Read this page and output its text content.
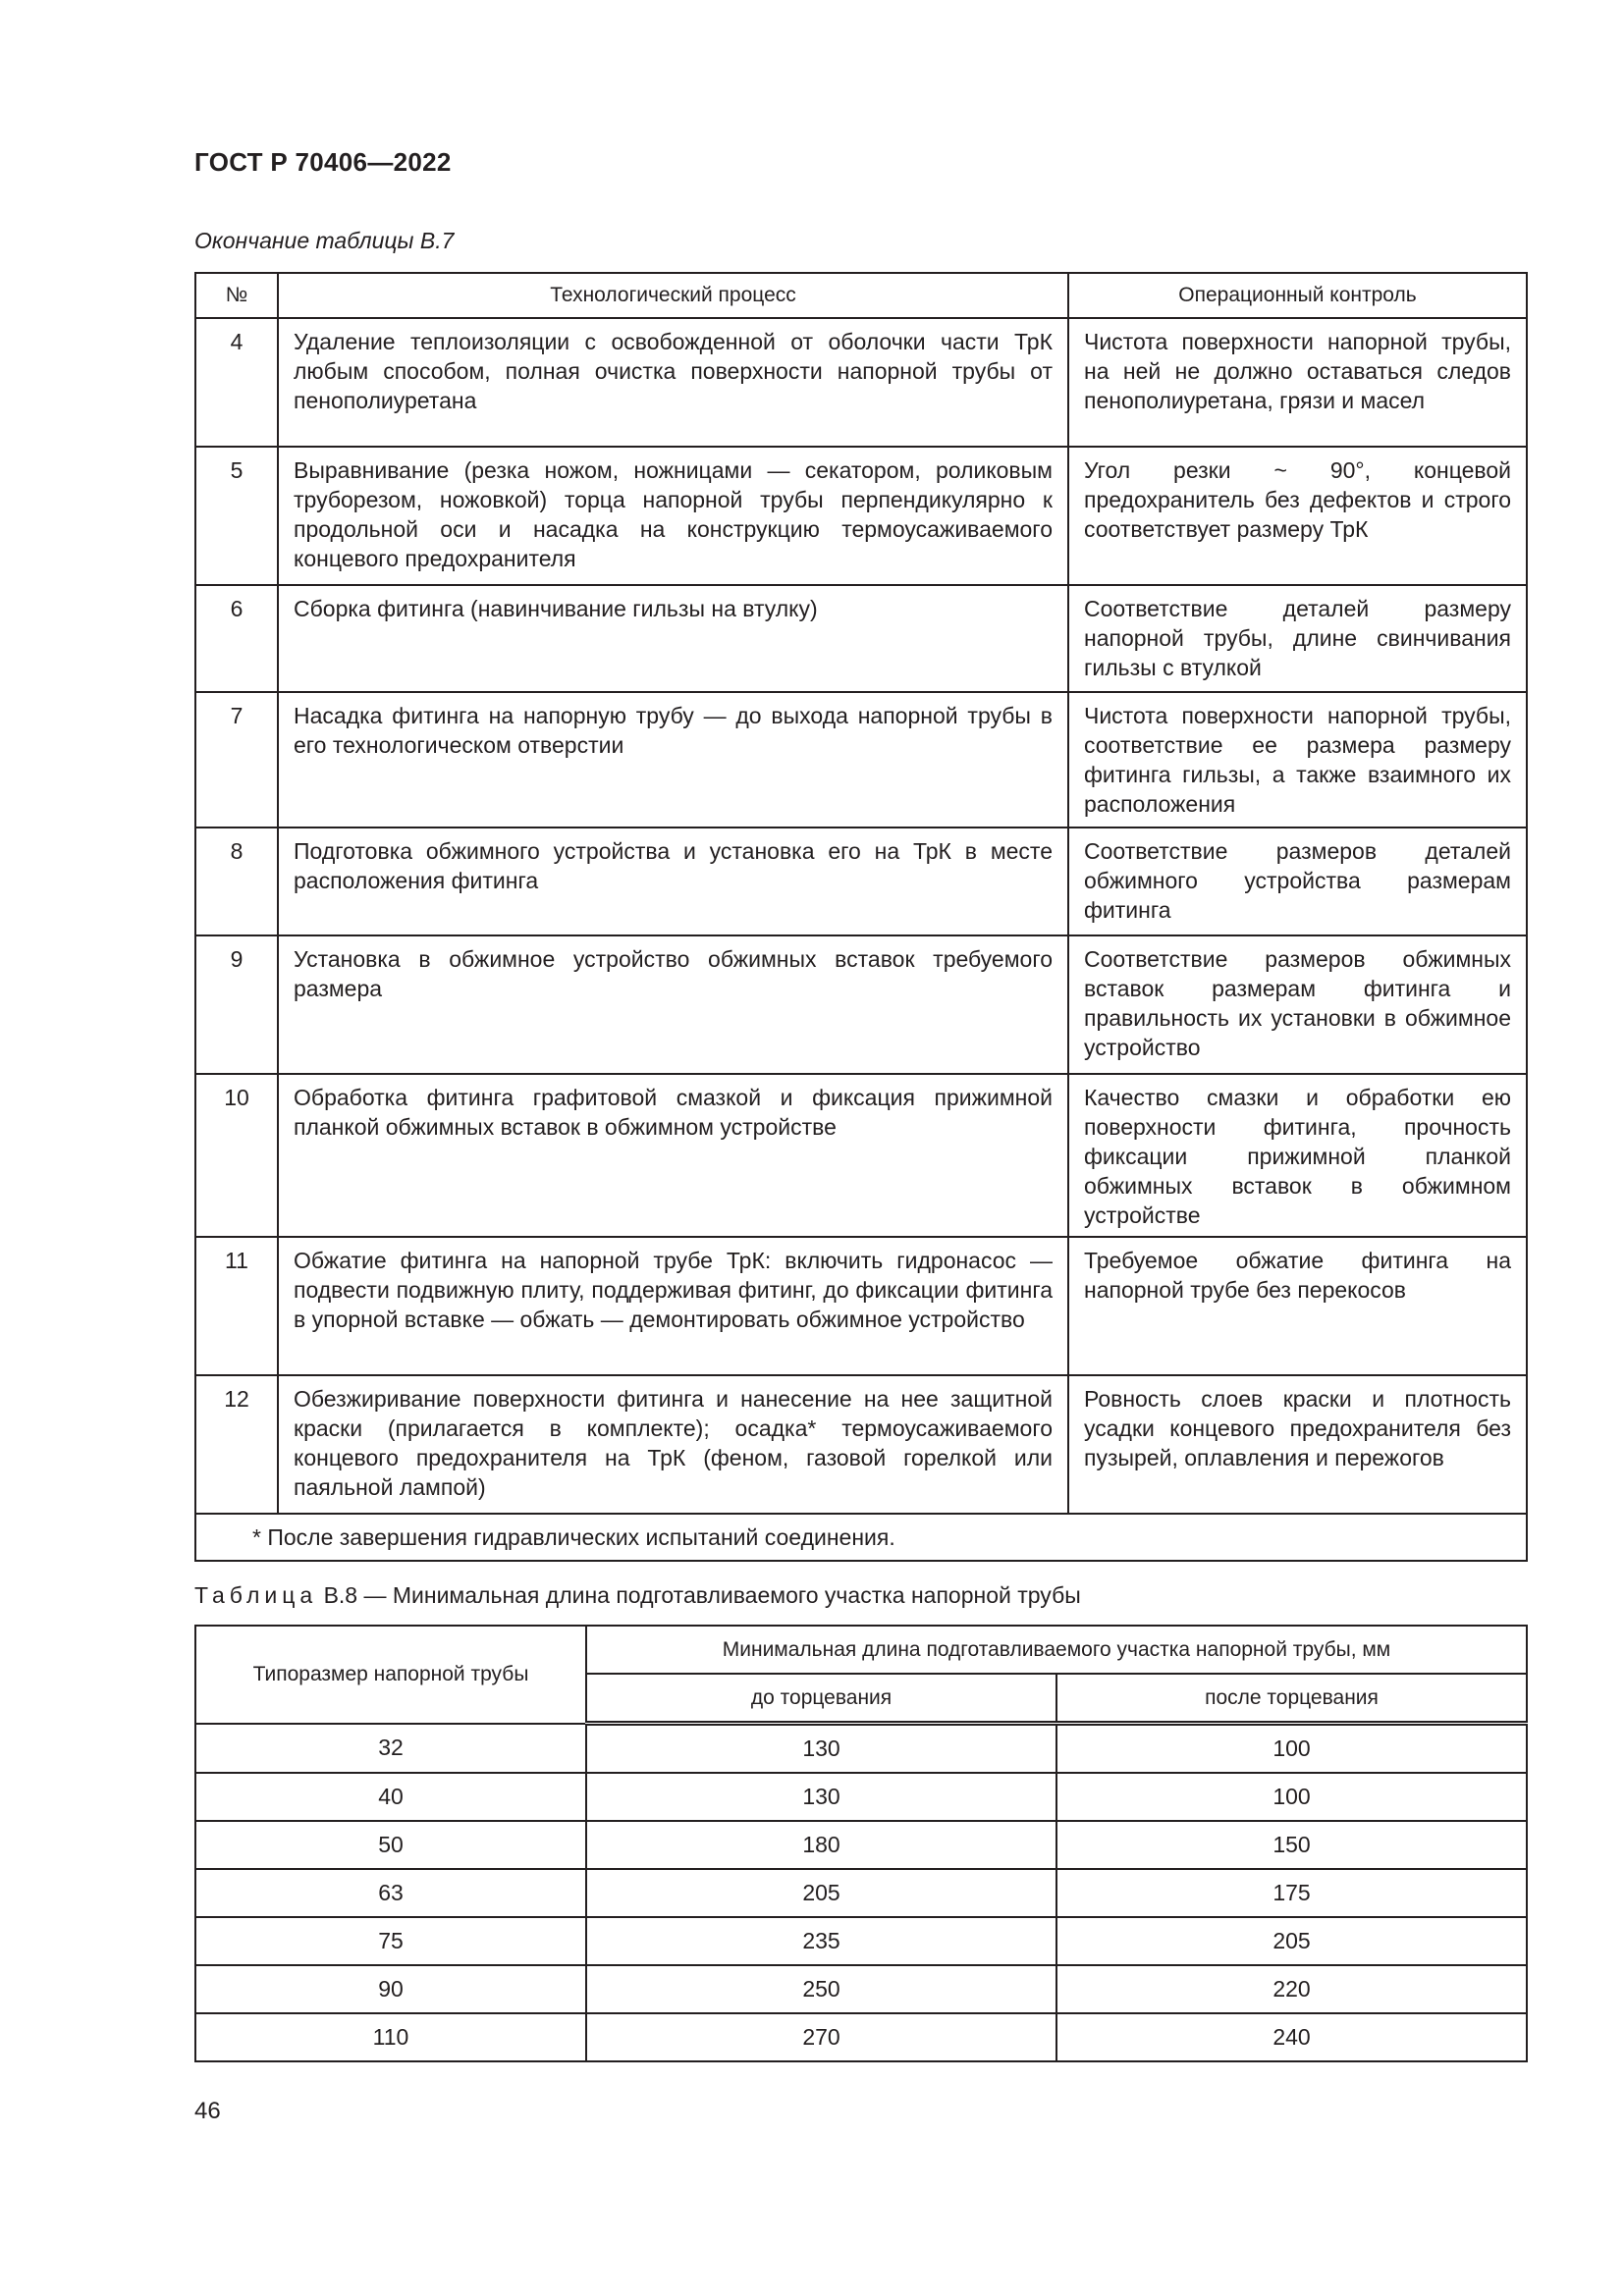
ГОСТ Р 70406—2022
Окончание таблицы В.7
№	Технологический процесс	Операционный контроль
4	Удаление теплоизоляции с освобожденной от оболочки части ТрК любым способом, полная очистка поверхности напорной трубы от пенополиуретана	Чистота поверхности напорной трубы, на ней не должно оставаться следов пенополиуретана, грязи и масел
5	Выравнивание (резка ножом, ножницами — секатором, роликовым труборезом, ножовкой) торца напорной трубы перпендикулярно к продольной оси и насадка на конструкцию термоусаживаемого концевого предохранителя	Угол резки ~ 90°, концевой предохранитель без дефектов и строго соответствует размеру ТрК
6	Сборка фитинга (навинчивание гильзы на втулку)	Соответствие деталей размеру напорной трубы, длине свинчивания гильзы с втулкой
7	Насадка фитинга на напорную трубу — до выхода напорной трубы в его технологическом отверстии	Чистота поверхности напорной трубы, соответствие ее размера размеру фитинга гильзы, а также взаимного их расположения
8	Подготовка обжимного устройства и установка его на ТрК в месте расположения фитинга	Соответствие размеров деталей обжимного устройства размерам фитинга
9	Установка в обжимное устройство обжимных вставок требуемого размера	Соответствие размеров обжимных вставок размерам фитинга и правильность их установки в обжимное устройство
10	Обработка фитинга графитовой смазкой и фиксация прижимной планкой обжимных вставок в обжимном устройстве	Качество смазки и обработки ею поверхности фитинга, прочность фиксации прижимной планкой обжимных вставок в обжимном устройстве
11	Обжатие фитинга на напорной трубе ТрК: включить гидронасос — подвести подвижную плиту, поддерживая фитинг, до фиксации фитинга в упорной вставке — обжать — демонтировать обжимное устройство	Требуемое обжатие фитинга на напорной трубе без перекосов
12	Обезжиривание поверхности фитинга и нанесение на нее защитной краски (прилагается в комплекте); осадка* термоусаживаемого концевого предохранителя на ТрК (феном, газовой горелкой или паяльной лампой)	Ровность слоев краски и плотность усадки концевого предохранителя без пузырей, оплавления и пережогов
* После завершения гидравлических испытаний соединения.		
Таблица В.8 — Минимальная длина подготавливаемого участка напорной трубы
Типоразмер напорной трубы	Минимальная длина подготавливаемого участка напорной трубы, мм	
	до торцевания	после торцевания
32	130	100
40	130	100
50	180	150
63	205	175
75	235	205
90	250	220
110	270	240
46
